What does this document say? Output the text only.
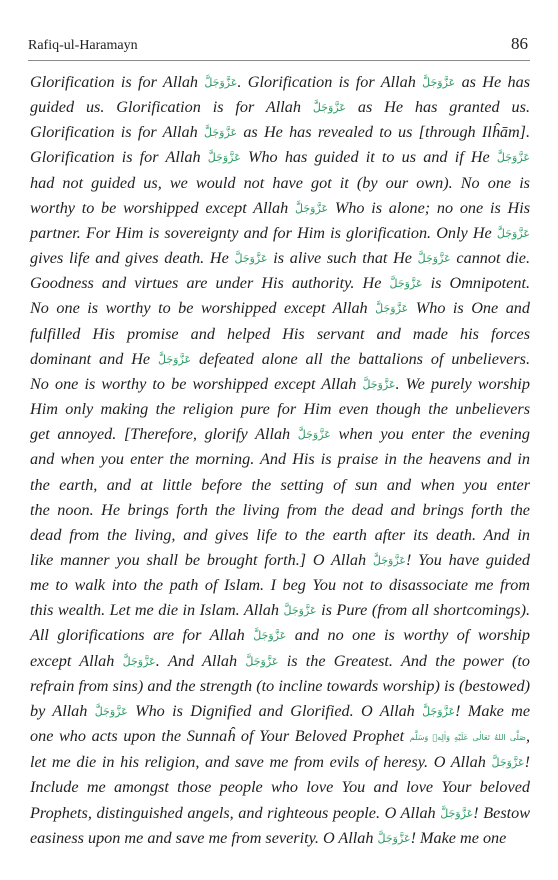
Rafiq-ul-Haramayn	86
Glorification is for Allah عَزَّوَجَلَّ. Glorification is for Allah عَزَّوَجَلَّ as He has
guided us. Glorification is for Allah عَزَّوَجَلَّ as He has granted us.
Glorification is for Allah عَزَّوَجَلَّ as He has revealed to us [through Ilĥām].
Glorification is for Allah عَزَّوَجَلَّ Who has guided it to us and if He عَزَّوَجَلَّ
had not guided us, we would not have got it (by our own). No one is
worthy to be worshipped except Allah عَزَّوَجَلَّ Who is alone; no one is His
partner. For Him is sovereignty and for Him is glorification. Only He عَزَّوَجَلَّ
gives life and gives death. He عَزَّوَجَلَّ is alive such that He عَزَّوَجَلَّ cannot die.
Goodness and virtues are under His authority. He عَزَّوَجَلَّ is Omnipotent.
No one is worthy to be worshipped except Allah عَزَّوَجَلَّ Who is One and
fulfilled His promise and helped His servant and made his forces
dominant and He عَزَّوَجَلَّ defeated alone all the battalions of unbelievers.
No one is worthy to be worshipped except Allah عَزَّوَجَلَّ. We purely worship
Him only making the religion pure for Him even though the unbelievers
get annoyed. [Therefore, glorify Allah عَزَّوَجَلَّ when you enter the evening
and when you enter the morning. And His is praise in the heavens and in
the earth, and at little before the setting of sun and when you enter
the noon. He brings forth the living from the dead and brings forth the
dead from the living, and gives life to the earth after its death. And in
like manner you shall be brought forth.] O Allah عَزَّوَجَلَّ! You have guided
me to walk into the path of Islam. I beg You not to disassociate me from
this wealth. Let me die in Islam. Allah عَزَّوَجَلَّ is Pure (from all shortcomings).
All glorifications are for Allah عَزَّوَجَلَّ and no one is worthy of worship
except Allah عَزَّوَجَلَّ. And Allah عَزَّوَجَلَّ is the Greatest. And the power (to
refrain from sins) and the strength (to incline towards worship) is (bestowed)
by Allah عَزَّوَجَلَّ Who is Dignified and Glorified. O Allah عَزَّوَجَلَّ! Make me
one who acts upon the Sunnaĥ of Your Beloved Prophet صَلَّى اللهُ تَعَالٰى عَلَيْهِ وَاٰلِهٖ وَسَلَّم,
let me die in his religion, and save me from evils of heresy. O Allah عَزَّوَجَلَّ!
Include me amongst those people who love You and love Your beloved
Prophets, distinguished angels, and righteous people. O Allah عَزَّوَجَلَّ! Bestow
easiness upon me and save me from severity. O Allah عَزَّوَجَلَّ! Make me one
